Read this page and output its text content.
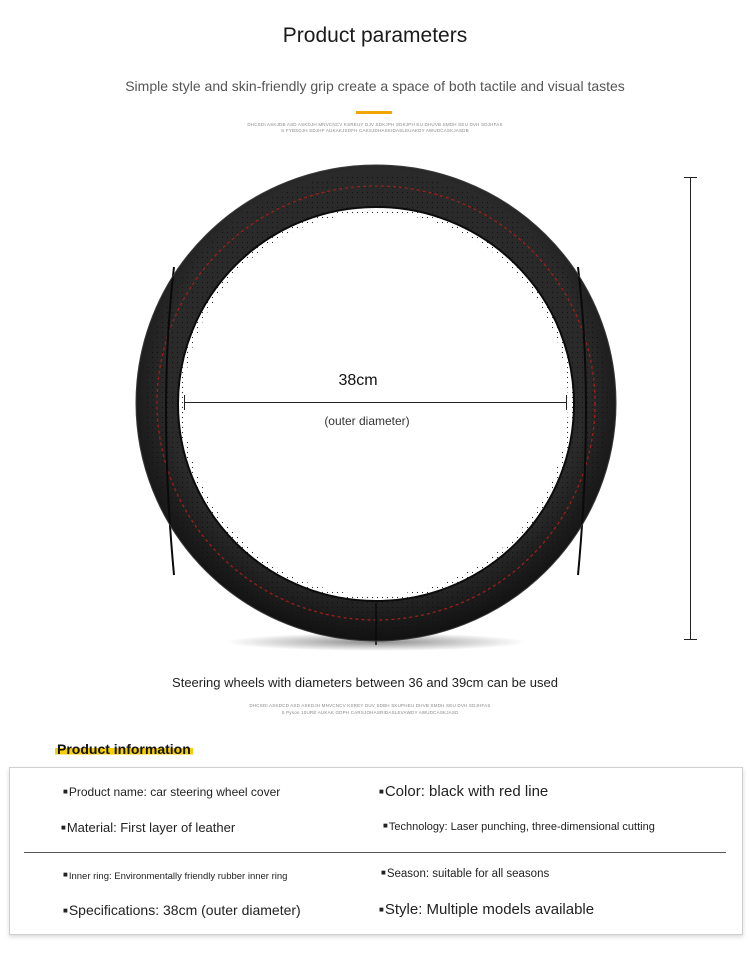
Product parameters
Simple style and skin-friendly grip create a space of both tactile and visual tastes
DHCSDI ASKJDB ASD ASKDJH MNVCNCV KSREUY DJV SDKJPH SDKJPH EU DHUVB SMDH SEU DVH SDJHFAS
S FYBSDJH SDJHF AUKAKJSDFH CAKSJDHASKIDASLEUAKDY AWUDCASKJASDB
38cm
(outer diameter)
Steering wheels with diameters between 36 and 39cm can be used
DHCSDI ASKDCD ASD ASKDJH MNVCNCV KSREY DUV SDBH SKUPHEU DHVB SMDH SEU DVH SDJHFAS
S Pyson 10URE AUKAK GDPH CARSJOHASRIDASLEVAWDY AWUDCASKJASD
Product information
■Product name: car steering wheel cover	■Color: black with red line
■Material: First layer of leather	■Technology: Laser punching, three-dimensional cutting
■Inner ring: Environmentally friendly rubber inner ring	■Season: suitable for all seasons
■Specifications: 38cm (outer diameter)	■Style: Multiple models available
